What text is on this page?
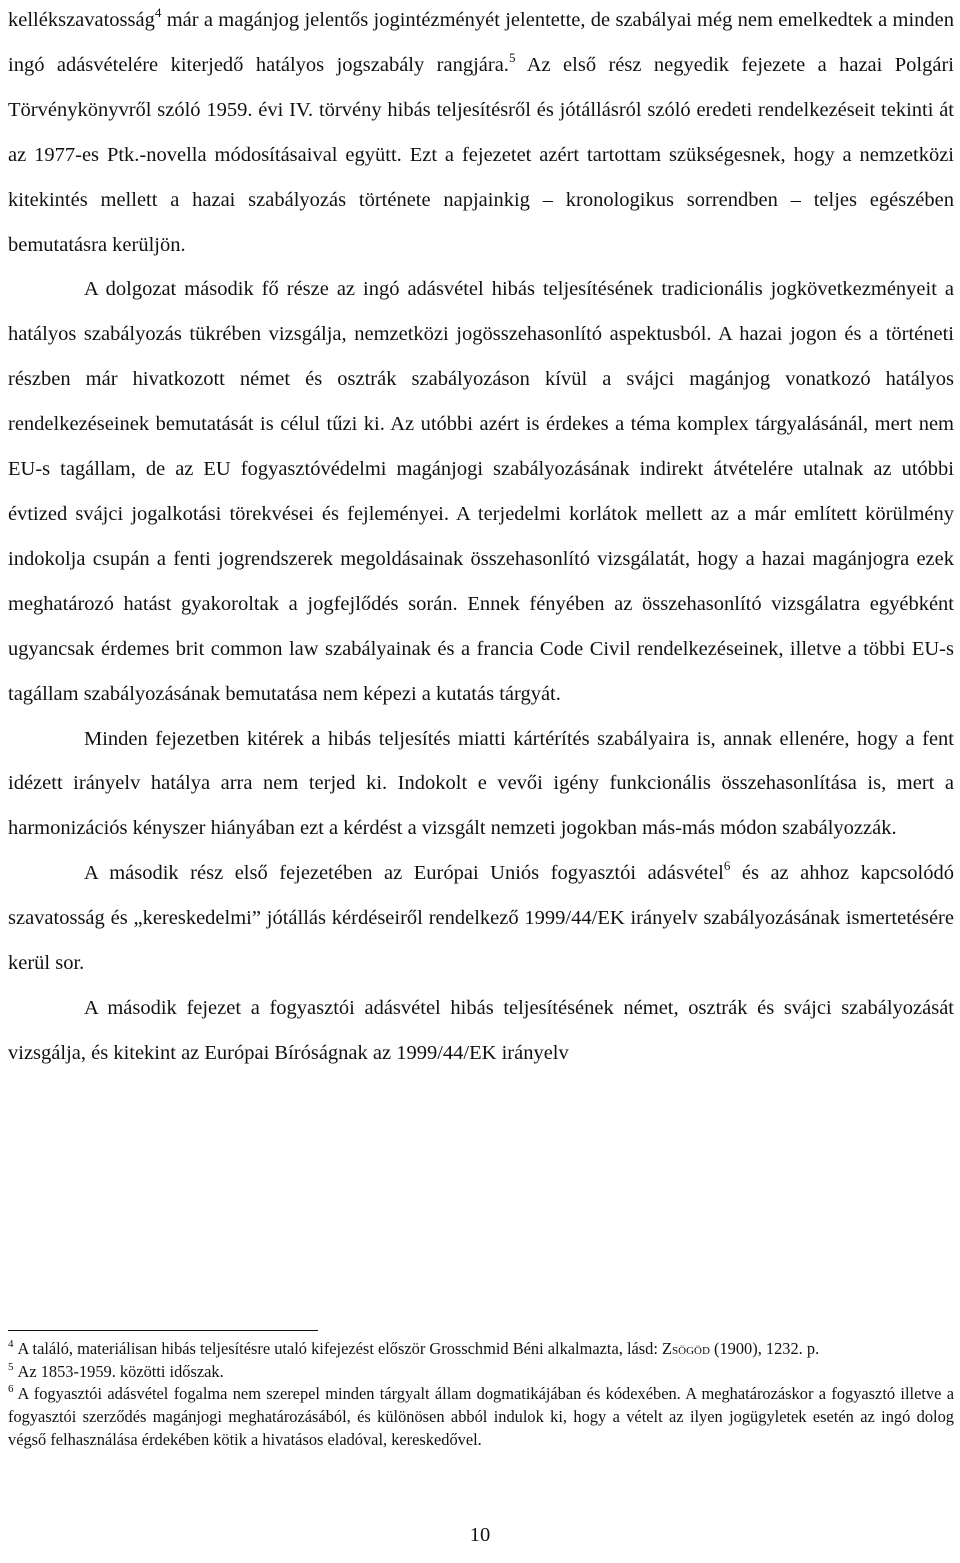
kellékszavatosság$^4$ már a magánjog jelentős jogintézményét jelentette, de szabályai még nem emelkedtek a minden ingó adásvételére kiterjedő hatályos jogszabály rangjára.$^5$ Az első rész negyedik fejezete a hazai Polgári Törvénykönyvről szóló 1959. évi IV. törvény hibás teljesítésről és jótállásról szóló eredeti rendelkezéseit tekinti át az 1977-es Ptk.-novella módosításaival együtt. Ezt a fejezetet azért tartottam szükségesnek, hogy a nemzetközi kitekintés mellett a hazai szabályozás története napjainkig – kronologikus sorrendben – teljes egészében bemutatásra kerüljön.

A dolgozat második fő része az ingó adásvétel hibás teljesítésének tradicionális jogkövetkezményeit a hatályos szabályozás tükrében vizsgálja, nemzetközi jogösszehasonlító aspektusból. A hazai jogon és a történeti részben már hivatkozott német és osztrák szabályozáson kívül a svájci magánjog vonatkozó hatályos rendelkezéseinek bemutatását is célul tűzi ki. Az utóbbi azért is érdekes a téma komplex tárgyalásánál, mert nem EU-s tagállam, de az EU fogyasztóvédelmi magánjogi szabályozásának indirekt átvételére utalnak az utóbbi évtized svájci jogalkotási törekvései és fejleményei. A terjedelmi korlátok mellett az a már említett körülmény indokolja csupán a fenti jogrendszerek megoldásainak összehasonlító vizsgálatát, hogy a hazai magánjogra ezek meghatározó hatást gyakoroltak a jogfejlődés során. Ennek fényében az összehasonlító vizsgálatra egyébként ugyancsak érdemes brit common law szabályainak és a francia Code Civil rendelkezéseinek, illetve a többi EU-s tagállam szabályozásának bemutatása nem képezi a kutatás tárgyát.

Minden fejezetben kitérek a hibás teljesítés miatti kártérítés szabályaira is, annak ellenére, hogy a fent idézett irányelv hatálya arra nem terjed ki. Indokolt e vevői igény funkcionális összehasonlítása is, mert a harmonizációs kényszer hiányában ezt a kérdést a vizsgált nemzeti jogokban más-más módon szabályozzák.

A második rész első fejezetében az Európai Uniós fogyasztói adásvétel$^6$ és az ahhoz kapcsolódó szavatosság és „kereskedelmi” jótállás kérdéseiről rendelkező 1999/44/EK irányelv szabályozásának ismertetésére kerül sor.

A második fejezet a fogyasztói adásvétel hibás teljesítésének német, osztrák és svájci szabályozását vizsgálja, és kitekint az Európai Bíróságnak az 1999/44/EK irányelv

$^4$ A találó, materiálisan hibás teljesítésre utaló kifejezést először Grosschmid Béni alkalmazta, lásd: Zsögöd (1900), 1232. p.

$^5$ Az 1853-1959. közötti időszak.

$^6$ A fogyasztói adásvétel fogalma nem szerepel minden tárgyalt állam dogmatikájában és kódexében. A meghatározáskor a fogyasztó illetve a fogyasztói szerződés magánjogi meghatározásából, és különösen abból indulok ki, hogy a vételt az ilyen jogügyletek esetén az ingó dolog végső felhasználása érdekében kötik a hivatásos eladóval, kereskedővel.

10
